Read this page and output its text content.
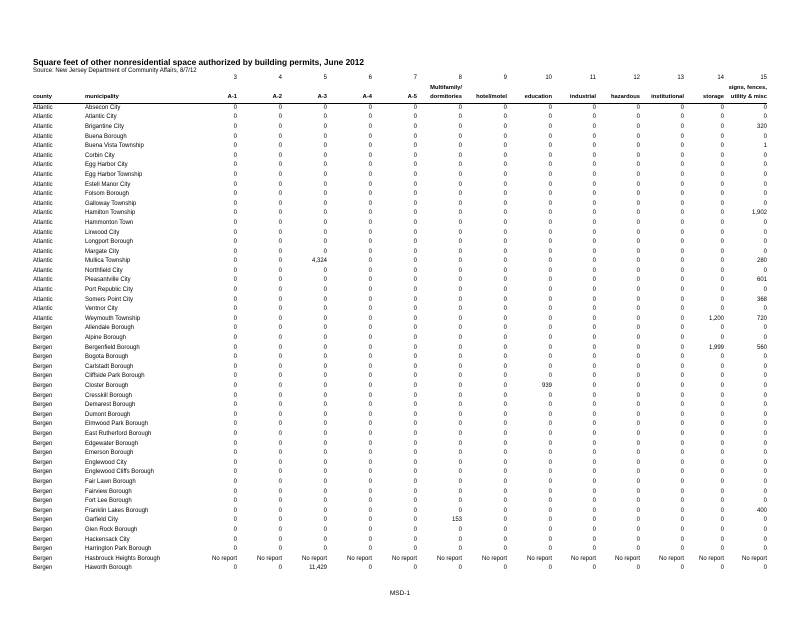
Square feet of other nonresidential space authorized by building permits, June 2012
Source: New Jersey Department of Community Affairs, 8/7/12
		3	4	5	6	7	8	9	10	11	12	13	14	15
							Multifamily/							signs, fences,
county	municipality	A-1	A-2	A-3	A-4	A-5	dormitories	hotel/motel	education	industrial	hazardous	institutional	storage	utility & misc
Atlantic	Absecon City	0	0	0	0	0	0	0	0	0	0	0	0	0
Atlantic	Atlantic City	0	0	0	0	0	0	0	0	0	0	0	0	0
Atlantic	Brigantine City	0	0	0	0	0	0	0	0	0	0	0	0	320
Atlantic	Buena Borough	0	0	0	0	0	0	0	0	0	0	0	0	0
Atlantic	Buena Vista Township	0	0	0	0	0	0	0	0	0	0	0	0	1
Atlantic	Corbin City	0	0	0	0	0	0	0	0	0	0	0	0	0
Atlantic	Egg Harbor City	0	0	0	0	0	0	0	0	0	0	0	0	0
Atlantic	Egg Harbor Township	0	0	0	0	0	0	0	0	0	0	0	0	0
Atlantic	Estell Manor City	0	0	0	0	0	0	0	0	0	0	0	0	0
Atlantic	Folsom Borough	0	0	0	0	0	0	0	0	0	0	0	0	0
Atlantic	Galloway Township	0	0	0	0	0	0	0	0	0	0	0	0	0
Atlantic	Hamilton Township	0	0	0	0	0	0	0	0	0	0	0	0	1,902
Atlantic	Hammonton Town	0	0	0	0	0	0	0	0	0	0	0	0	0
Atlantic	Linwood City	0	0	0	0	0	0	0	0	0	0	0	0	0
Atlantic	Longport Borough	0	0	0	0	0	0	0	0	0	0	0	0	0
Atlantic	Margate City	0	0	0	0	0	0	0	0	0	0	0	0	0
Atlantic	Mullica Township	0	0	4,324	0	0	0	0	0	0	0	0	0	280
Atlantic	Northfield City	0	0	0	0	0	0	0	0	0	0	0	0	0
Atlantic	Pleasantville City	0	0	0	0	0	0	0	0	0	0	0	0	601
Atlantic	Port Republic City	0	0	0	0	0	0	0	0	0	0	0	0	0
Atlantic	Somers Point City	0	0	0	0	0	0	0	0	0	0	0	0	368
Atlantic	Ventnor City	0	0	0	0	0	0	0	0	0	0	0	0	0
Atlantic	Weymouth Township	0	0	0	0	0	0	0	0	0	0	0	1,200	720
Bergen	Allendale Borough	0	0	0	0	0	0	0	0	0	0	0	0	0
Bergen	Alpine Borough	0	0	0	0	0	0	0	0	0	0	0	0	0
Bergen	Bergenfield Borough	0	0	0	0	0	0	0	0	0	0	0	1,999	560
Bergen	Bogota Borough	0	0	0	0	0	0	0	0	0	0	0	0	0
Bergen	Carlstadt Borough	0	0	0	0	0	0	0	0	0	0	0	0	0
Bergen	Cliffside Park Borough	0	0	0	0	0	0	0	0	0	0	0	0	0
Bergen	Closter Borough	0	0	0	0	0	0	0	939	0	0	0	0	0
Bergen	Cresskill Borough	0	0	0	0	0	0	0	0	0	0	0	0	0
Bergen	Demarest Borough	0	0	0	0	0	0	0	0	0	0	0	0	0
Bergen	Dumont Borough	0	0	0	0	0	0	0	0	0	0	0	0	0
Bergen	Elmwood Park Borough	0	0	0	0	0	0	0	0	0	0	0	0	0
Bergen	East Rutherford Borough	0	0	0	0	0	0	0	0	0	0	0	0	0
Bergen	Edgewater Borough	0	0	0	0	0	0	0	0	0	0	0	0	0
Bergen	Emerson Borough	0	0	0	0	0	0	0	0	0	0	0	0	0
Bergen	Englewood City	0	0	0	0	0	0	0	0	0	0	0	0	0
Bergen	Englewood Cliffs Borough	0	0	0	0	0	0	0	0	0	0	0	0	0
Bergen	Fair Lawn Borough	0	0	0	0	0	0	0	0	0	0	0	0	0
Bergen	Fairview Borough	0	0	0	0	0	0	0	0	0	0	0	0	0
Bergen	Fort Lee Borough	0	0	0	0	0	0	0	0	0	0	0	0	0
Bergen	Franklin Lakes Borough	0	0	0	0	0	0	0	0	0	0	0	0	400
Bergen	Garfield City	0	0	0	0	0	153	0	0	0	0	0	0	0
Bergen	Glen Rock Borough	0	0	0	0	0	0	0	0	0	0	0	0	0
Bergen	Hackensack City	0	0	0	0	0	0	0	0	0	0	0	0	0
Bergen	Harrington Park Borough	0	0	0	0	0	0	0	0	0	0	0	0	0
Bergen	Hasbrouck Heights Borough	No report	No report	No report	No report	No report	No report	No report	No report	No report	No report	No report	No report	No report
Bergen	Haworth Borough	0	0	11,429	0	0	0	0	0	0	0	0	0	0
MSD-1
